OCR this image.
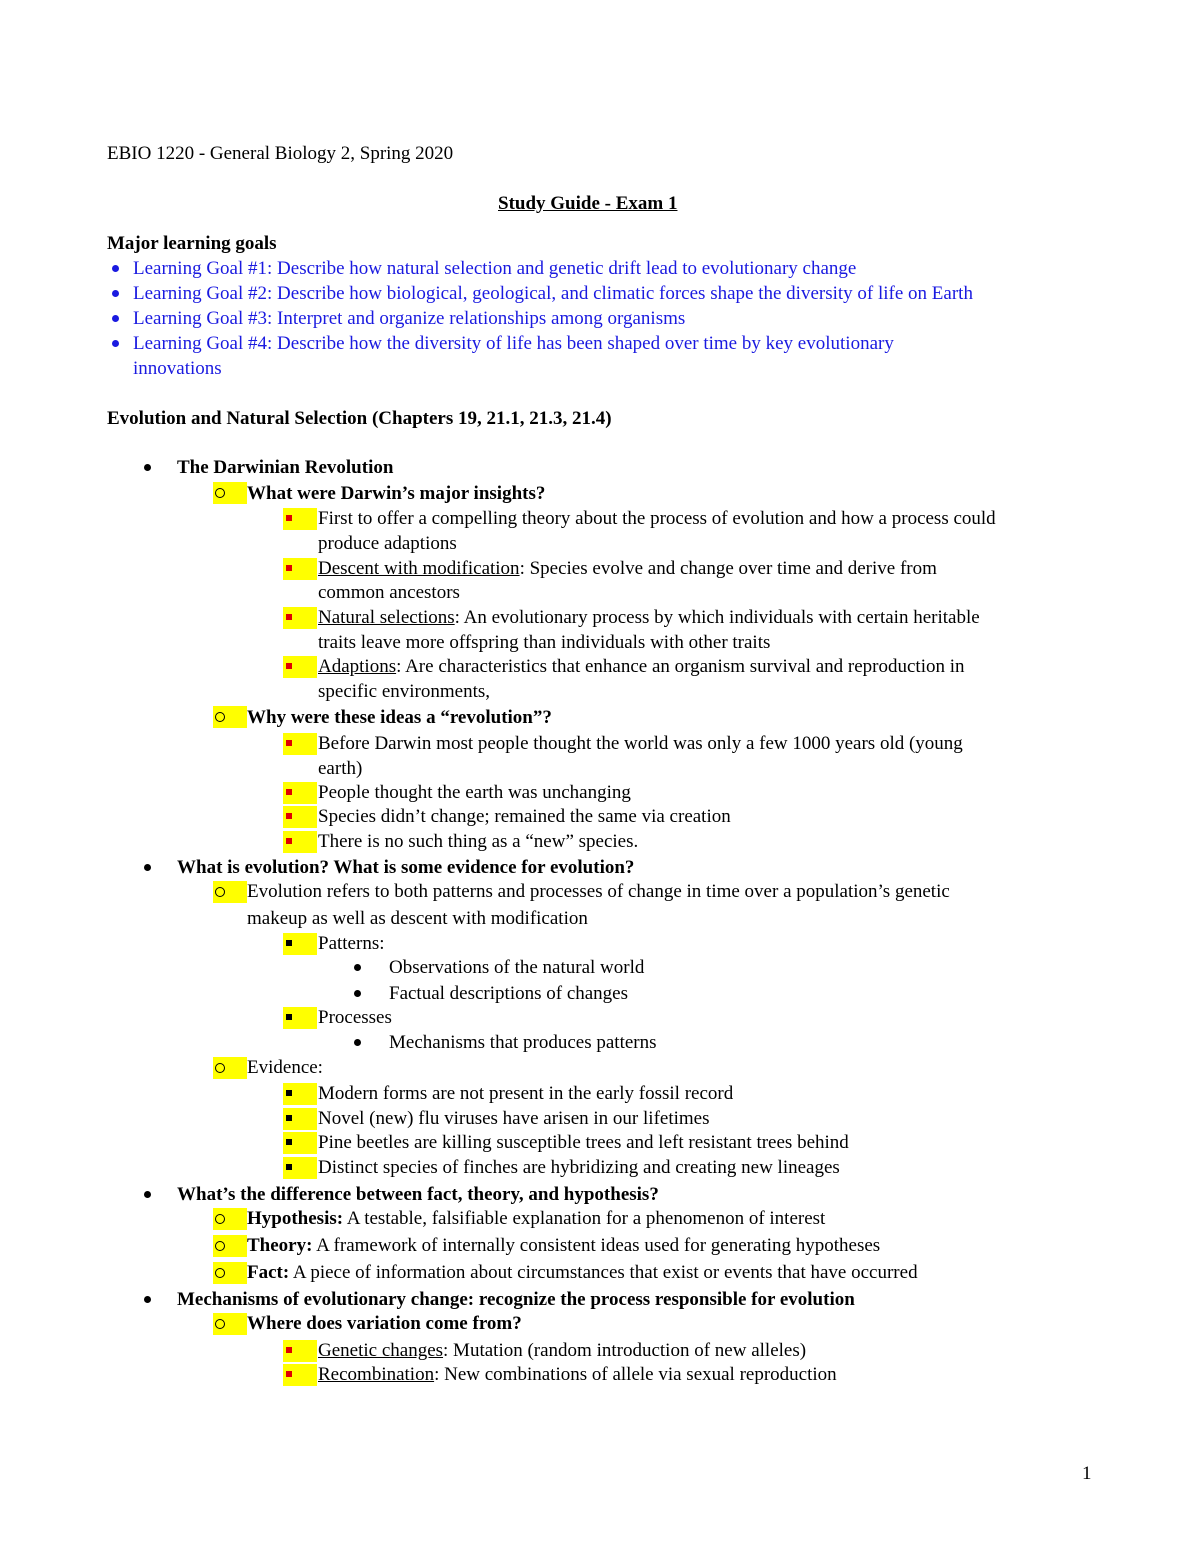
EBIO 1220 - General Biology 2, Spring 2020
Study Guide - Exam 1
Major learning goals
Learning Goal #1: Describe how natural selection and genetic drift lead to evolutionary change
Learning Goal #2: Describe how biological, geological, and climatic forces shape the diversity of life on Earth
Learning Goal #3: Interpret and organize relationships among organisms
Learning Goal #4: Describe how the diversity of life has been shaped over time by key evolutionary
innovations
Evolution and Natural Selection (Chapters 19, 21.1, 21.3, 21.4)
The Darwinian Revolution
What were Darwin’s major insights?
First to offer a compelling theory about the process of evolution and how a process could
produce adaptions
Descent with modification: Species evolve and change over time and derive from
common ancestors
Natural selections: An evolutionary process by which individuals with certain heritable
traits leave more offspring than individuals with other traits
Adaptions: Are characteristics that enhance an organism survival and reproduction in
specific environments,
Why were these ideas a “revolution”?
Before Darwin most people thought the world was only a few 1000 years old (young
earth)
People thought the earth was unchanging
Species didn’t change; remained the same via creation
There is no such thing as a “new” species.
What is evolution? What is some evidence for evolution?
Evolution refers to both patterns and processes of change in time over a population’s genetic
makeup as well as descent with modification
Patterns:
Observations of the natural world
Factual descriptions of changes
Processes
Mechanisms that produces patterns
Evidence:
Modern forms are not present in the early fossil record
Novel (new) flu viruses have arisen in our lifetimes
Pine beetles are killing susceptible trees and left resistant trees behind
Distinct species of finches are hybridizing and creating new lineages
What’s the difference between fact, theory, and hypothesis?
Hypothesis: A testable, falsifiable explanation for a phenomenon of interest
Theory: A framework of internally consistent ideas used for generating hypotheses
Fact: A piece of information about circumstances that exist or events that have occurred
Mechanisms of evolutionary change: recognize the process responsible for evolution
Where does variation come from?
Genetic changes: Mutation (random introduction of new alleles)
Recombination: New combinations of allele via sexual reproduction
1
